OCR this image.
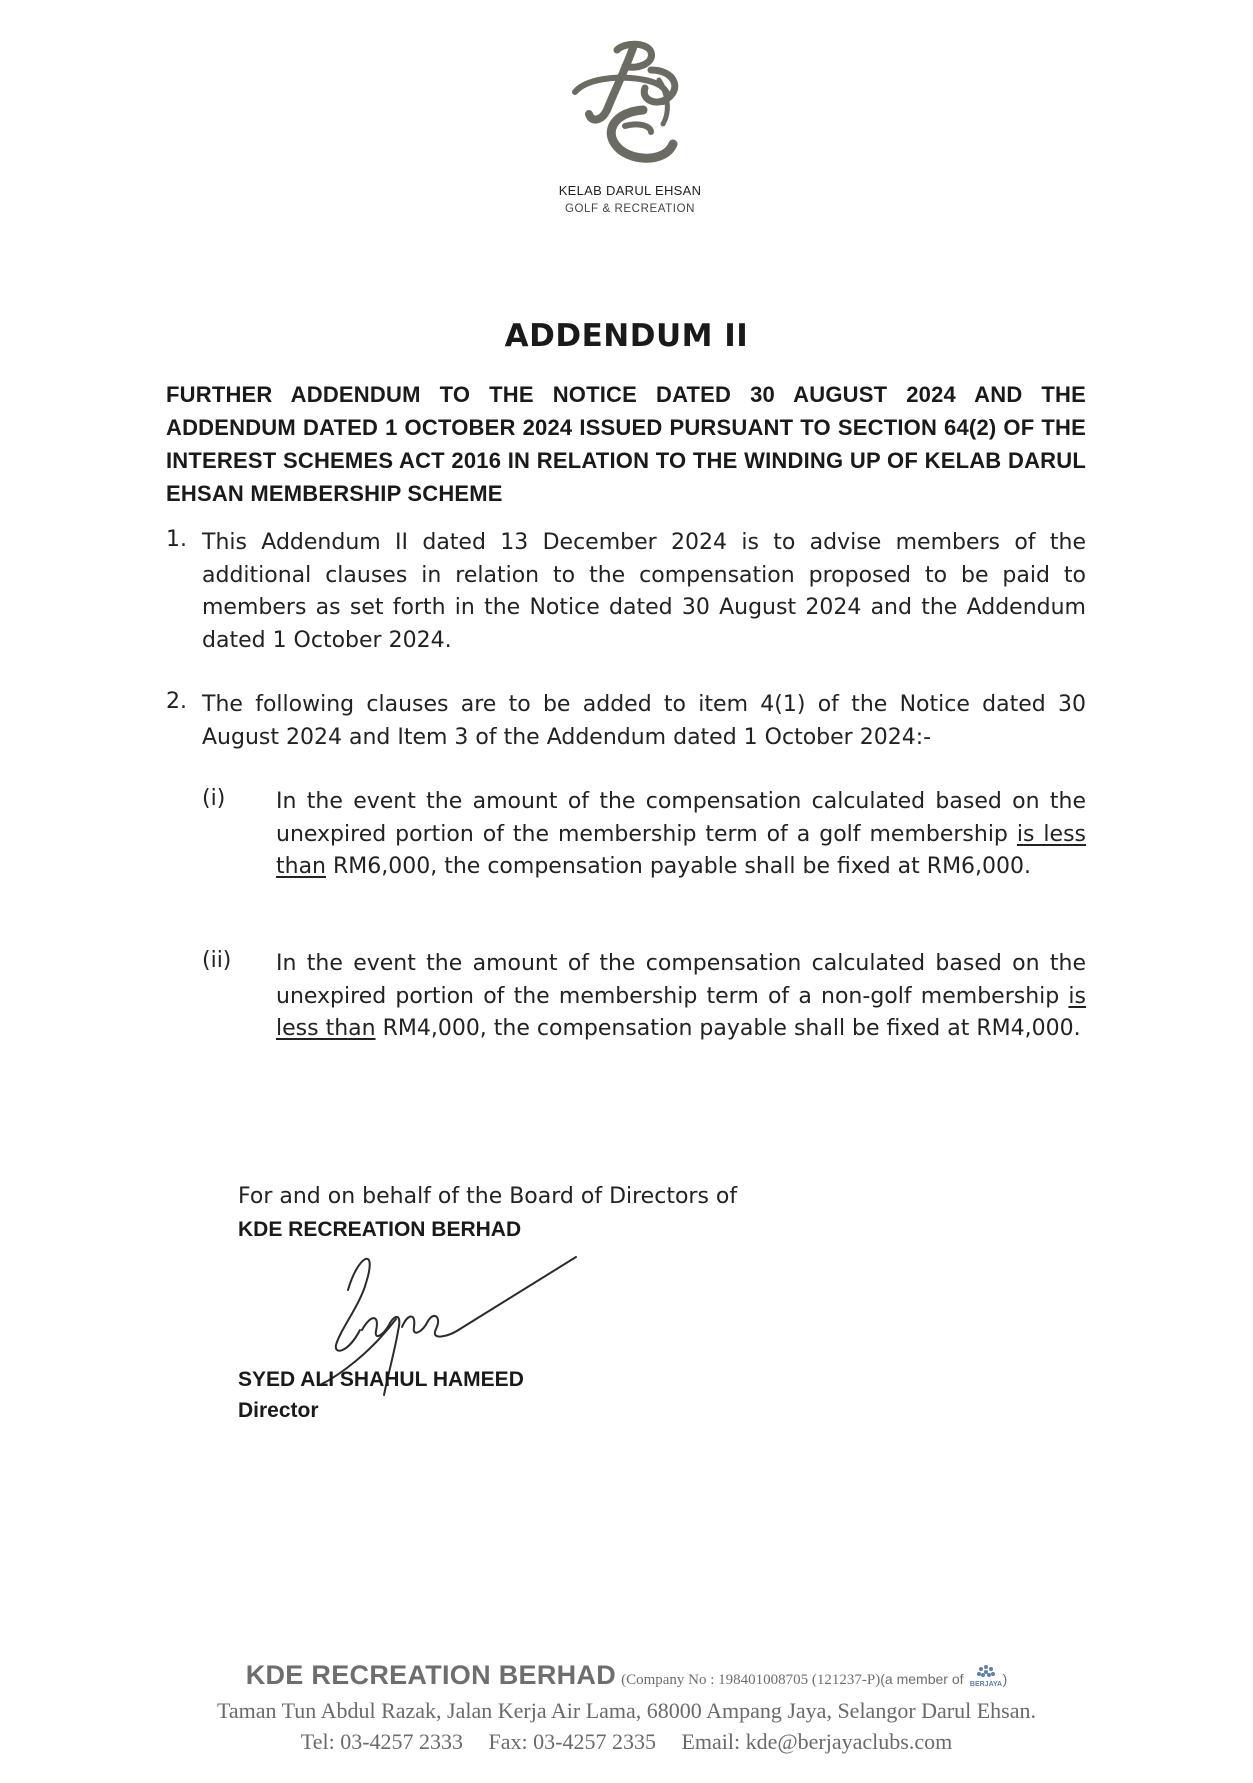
KELAB DARUL EHSAN
GOLF & RECREATION
ADDENDUM II
FURTHER ADDENDUM TO THE NOTICE DATED 30 AUGUST 2024 AND THE ADDENDUM DATED 1 OCTOBER 2024 ISSUED PURSUANT TO SECTION 64(2) OF THE INTEREST SCHEMES ACT 2016 IN RELATION TO THE WINDING UP OF KELAB DARUL EHSAN MEMBERSHIP SCHEME
1. This Addendum II dated 13 December 2024 is to advise members of the additional clauses in relation to the compensation proposed to be paid to members as set forth in the Notice dated 30 August 2024 and the Addendum dated 1 October 2024.
2. The following clauses are to be added to item 4(1) of the Notice dated 30 August 2024 and Item 3 of the Addendum dated 1 October 2024:-
(i) In the event the amount of the compensation calculated based on the unexpired portion of the membership term of a golf membership is less than RM6,000, the compensation payable shall be fixed at RM6,000.
(ii) In the event the amount of the compensation calculated based on the unexpired portion of the membership term of a non-golf membership is less than RM4,000, the compensation payable shall be fixed at RM4,000.
For and on behalf of the Board of Directors of
KDE RECREATION BERHAD
SYED ALI SHAHUL HAMEED
Director
KDE RECREATION BERHAD (Company No : 198401008705 (121237-P)(a member of BERJAYA )
Taman Tun Abdul Razak, Jalan Kerja Air Lama, 68000 Ampang Jaya, Selangor Darul Ehsan.
Tel: 03-4257 2333 Fax: 03-4257 2335 Email: kde@berjayaclubs.com
